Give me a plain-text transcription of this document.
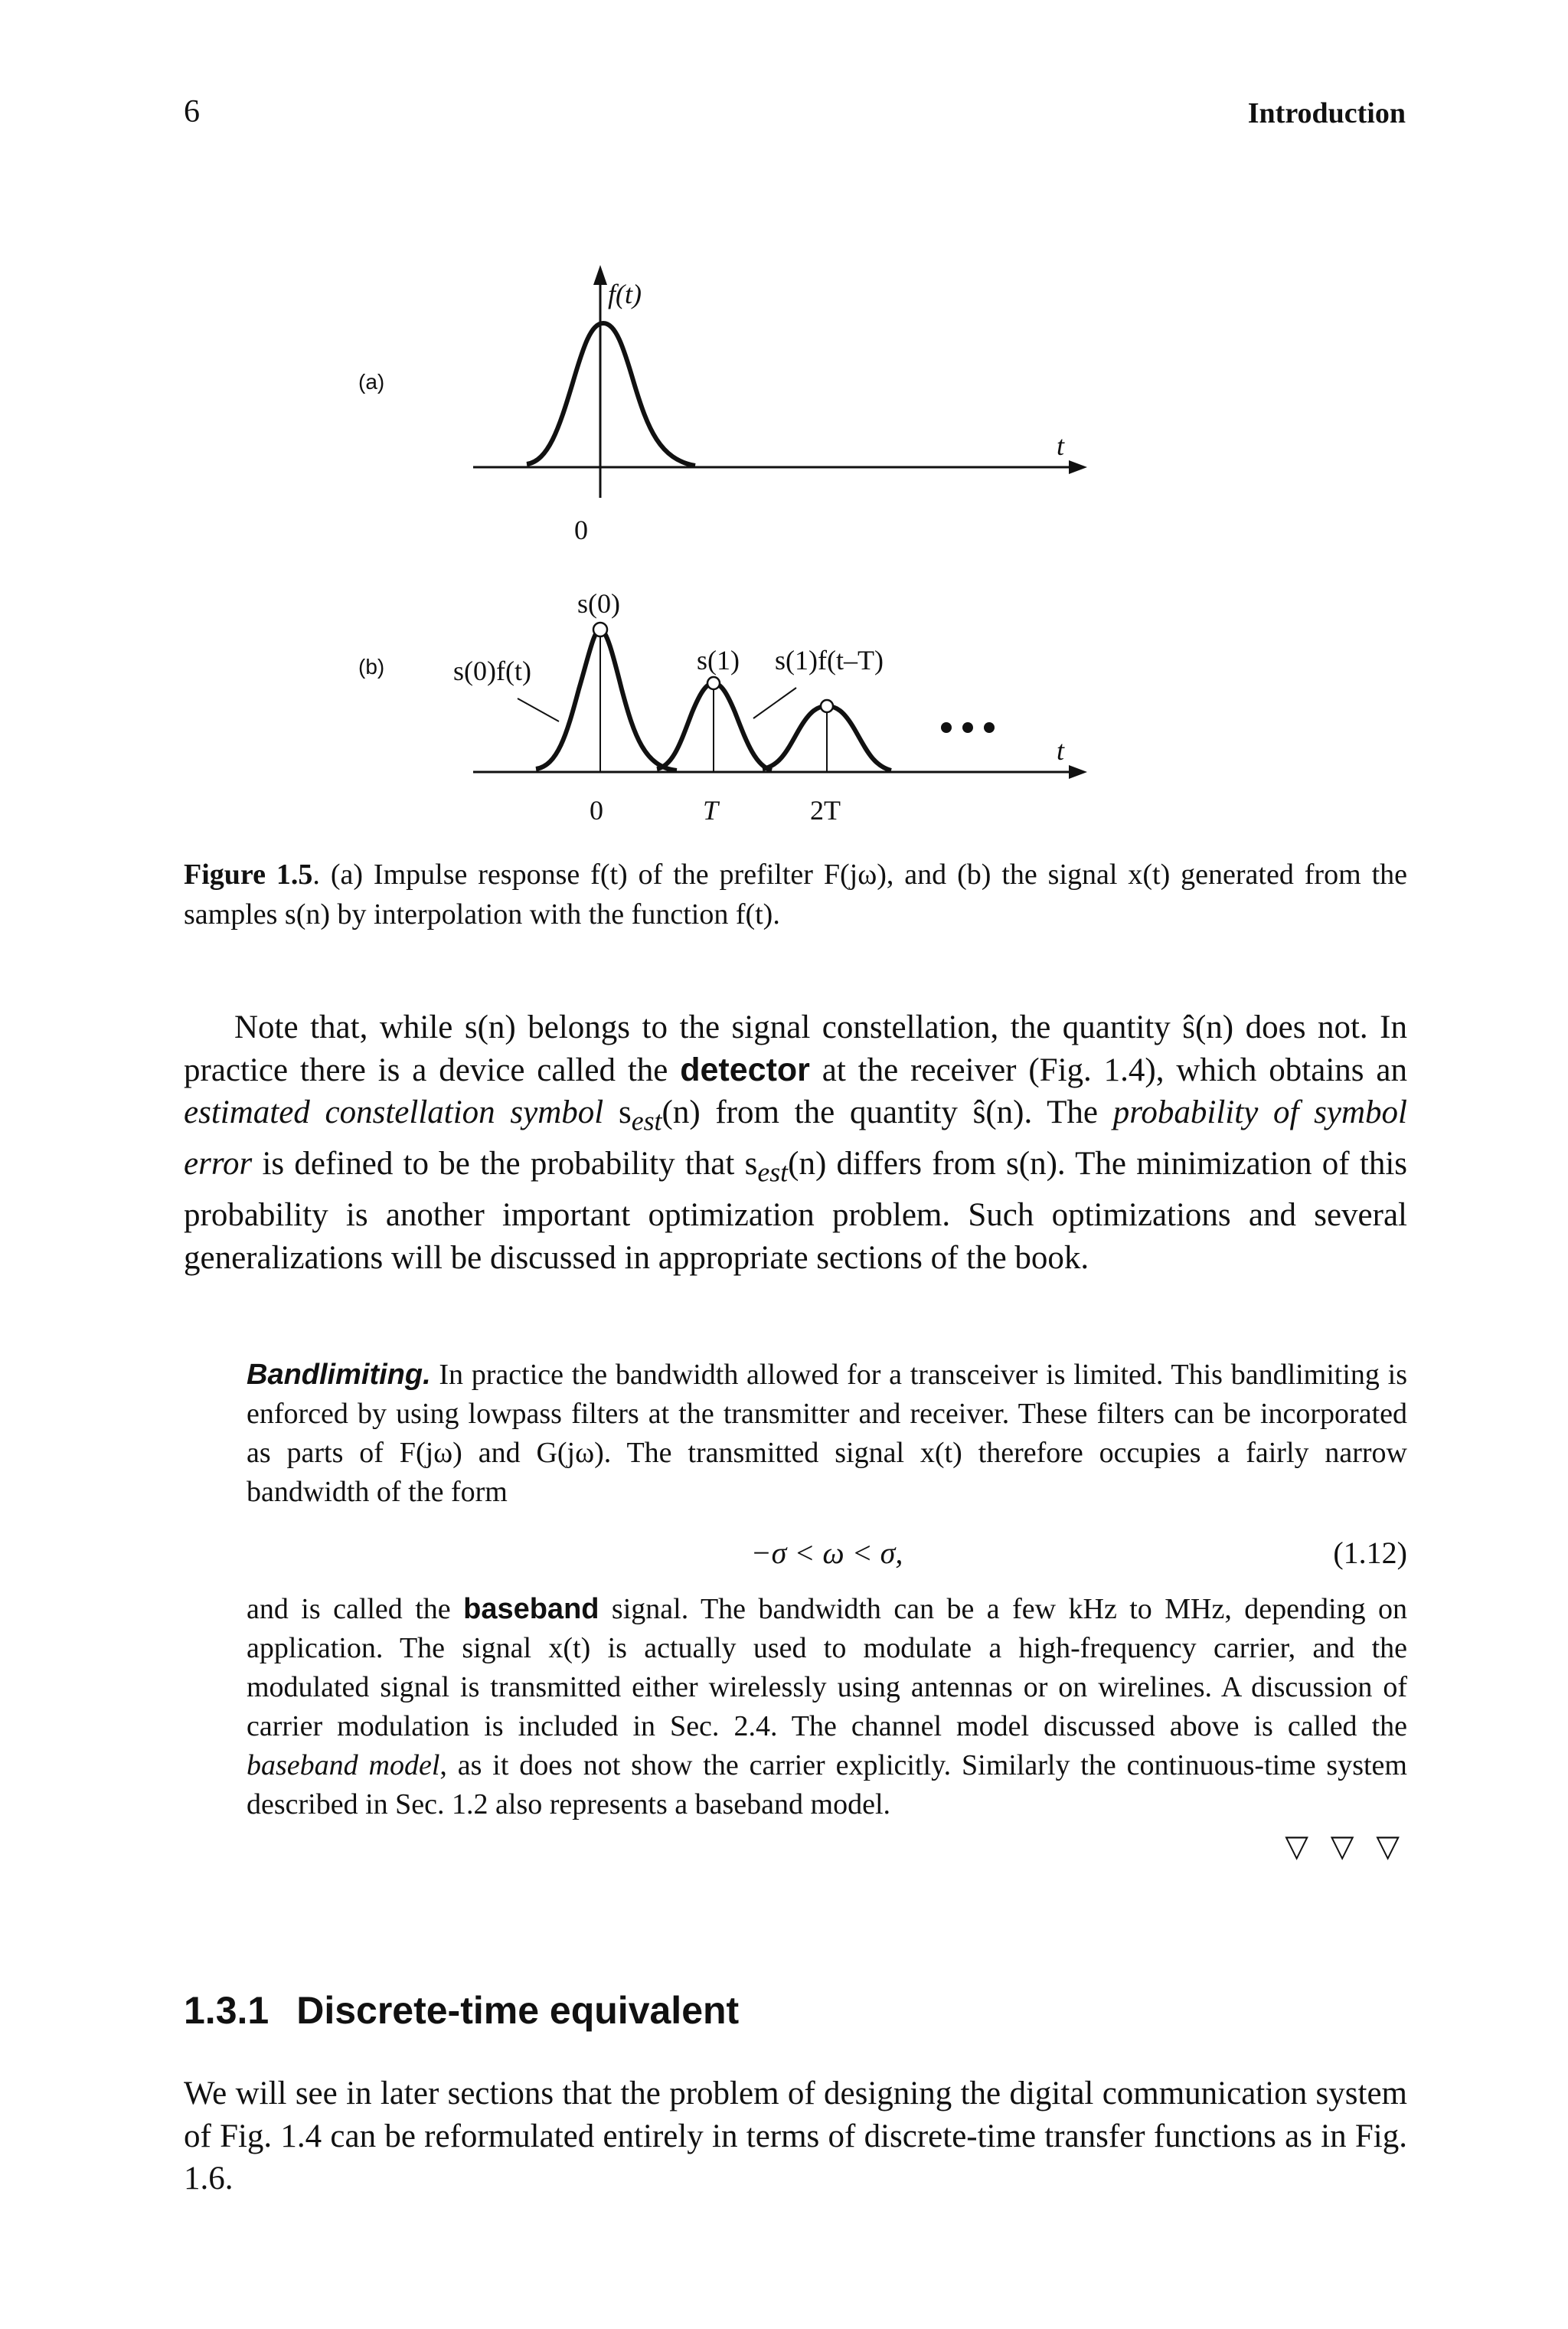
6	Introduction
(a)
t
f(t)
0
(b)
t
s(0)
s(0)f(t)	s(1) s(1)f(t–T)
0	T	2T
Figure 1.5. (a) Impulse response f(t) of the prefilter F(jω), and (b) the signal x(t) generated from the samples s(n) by interpolation with the function f(t).
Note that, while s(n) belongs to the signal constellation, the quantity ŝ(n) does not. In practice there is a device called the detector at the receiver (Fig. 1.4), which obtains an estimated constellation symbol $s_{est}(n)$ from the quantity ŝ(n). The probability of symbol error is defined to be the probability that $s_{est}(n)$ differs from s(n). The minimization of this probability is another important optimization problem. Such optimizations and several generalizations will be discussed in appropriate sections of the book.
Bandlimiting. In practice the bandwidth allowed for a transceiver is limited. This bandlimiting is enforced by using lowpass filters at the transmitter and receiver. These filters can be incorporated as parts of F(jω) and G(jω). The transmitted signal x(t) therefore occupies a fairly narrow bandwidth of the form
−σ < ω < σ,	(1.12)
and is called the baseband signal. The bandwidth can be a few kHz to MHz, depending on application. The signal x(t) is actually used to modulate a high-frequency carrier, and the modulated signal is transmitted either wirelessly using antennas or on wirelines. A discussion of carrier modulation is included in Sec. 2.4. The channel model discussed above is called the baseband model, as it does not show the carrier explicitly. Similarly the continuous-time system described in Sec. 1.2 also represents a baseband model.
▽ ▽ ▽
1.3.1 Discrete-time equivalent
We will see in later sections that the problem of designing the digital communication system of Fig. 1.4 can be reformulated entirely in terms of discrete-time transfer functions as in Fig. 1.6.
